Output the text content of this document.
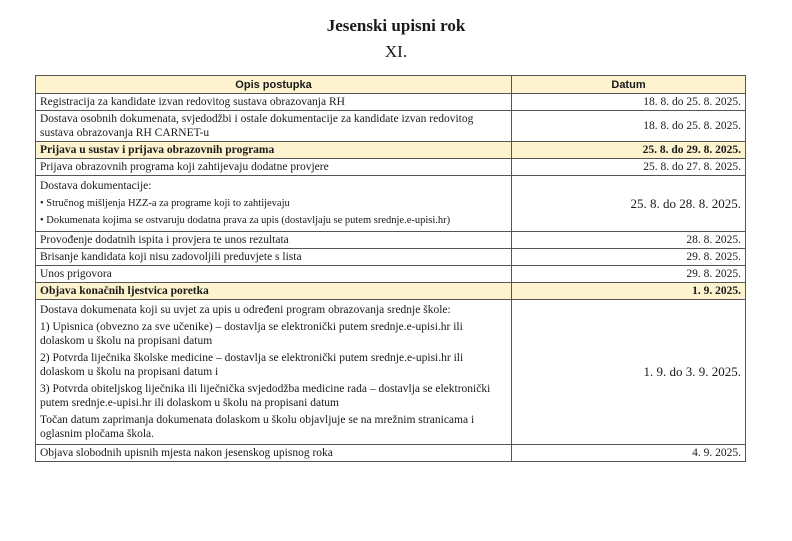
Jesenski upisni rok
XI.
Opis postupka	Datum
Registracija za kandidate izvan redovitog sustava obrazovanja RH	18. 8. do 25. 8. 2025.
Dostava osobnih dokumenata, svjedodžbi i ostale dokumentacije za kandidate izvan redovitog sustava obrazovanja RH CARNET-u	18. 8. do 25. 8. 2025.
Prijava u sustav i prijava obrazovnih programa	25. 8. do 29. 8. 2025.
Prijava obrazovnih programa koji zahtijevaju dodatne provjere	25. 8. do 27. 8. 2025.

Dostava dokumentacije:
• Stručnog mišljenja HZZ-a za programe koji to zahtijevaju
• Dokumenata kojima se ostvaruju dodatna prava za upis (dostavljaju se putem srednje.e-upisi.hr)	25. 8. do 28. 8. 2025.
Provođenje dodatnih ispita i provjera te unos rezultata	28. 8. 2025.
Brisanje kandidata koji nisu zadovoljili preduvjete s lista	29. 8. 2025.
Unos prigovora	29. 8. 2025.
Objava konačnih ljestvica poretka	1. 9. 2025.

Dostava dokumenata koji su uvjet za upis u određeni program obrazovanja srednje škole:
1) Upisnica (obvezno za sve učenike) – dostavlja se elektronički putem srednje.e-upisi.hr ili dolaskom u školu na propisani datum
2) Potvrda liječnika školske medicine – dostavlja se elektronički putem srednje.e-upisi.hr ili dolaskom u školu na propisani datum i
3) Potvrda obiteljskog liječnika ili liječnička svjedodžba medicine rada – dostavlja se elektronički putem srednje.e-upisi.hr ili dolaskom u školu na propisani datum
Točan datum zaprimanja dokumenata dolaskom u školu objavljuje se na mrežnim stranicama i oglasnim pločama škola.	1. 9. do 3. 9. 2025.
Objava slobodnih upisnih mjesta nakon jesenskog upisnog roka	4. 9. 2025.
